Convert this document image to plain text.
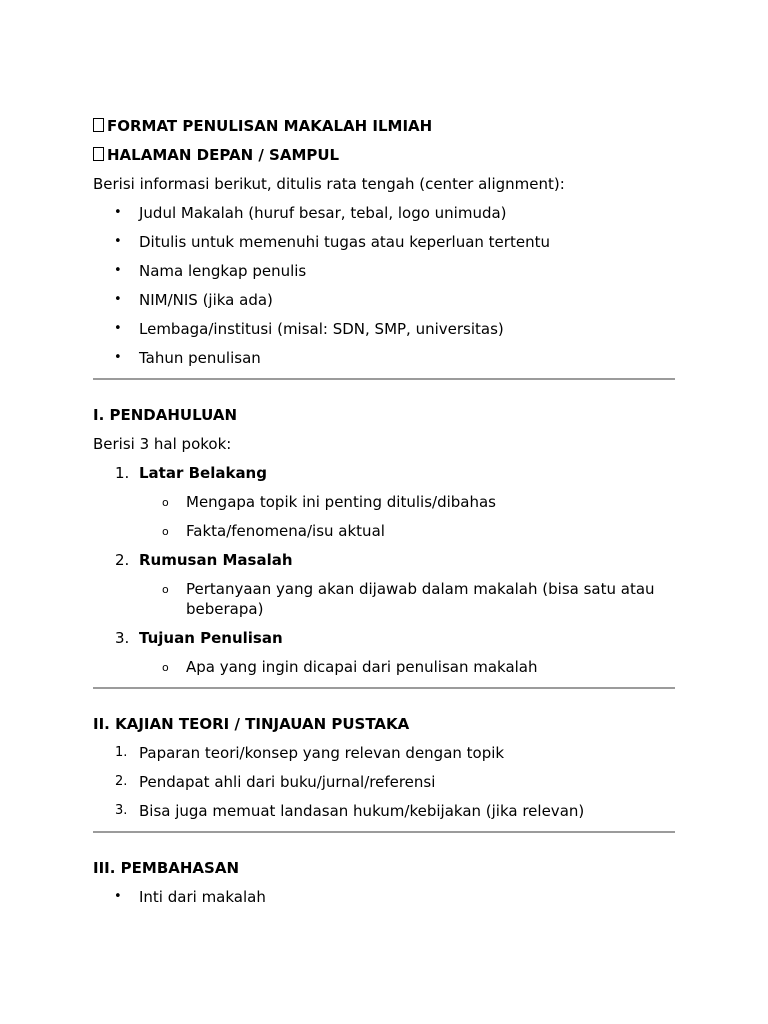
FORMAT PENULISAN MAKALAH ILMIAH

HALAMAN DEPAN / SAMPUL

Berisi informasi berikut, ditulis rata tengah (center alignment):

• Judul Makalah (huruf besar, tebal, logo unimuda)
• Ditulis untuk memenuhi tugas atau keperluan tertentu
• Nama lengkap penulis
• NIM/NIS (jika ada)
• Lembaga/institusi (misal: SDN, SMP, universitas)
• Tahun penulisan

I. PENDAHULUAN

Berisi 3 hal pokok:

1. Latar Belakang
o Mengapa topik ini penting ditulis/dibahas
o Fakta/fenomena/isu aktual
2. Rumusan Masalah
o Pertanyaan yang akan dijawab dalam makalah (bisa satu atau beberapa)
3. Tujuan Penulisan
o Apa yang ingin dicapai dari penulisan makalah

II. KAJIAN TEORI / TINJAUAN PUSTAKA

1. Paparan teori/konsep yang relevan dengan topik
2. Pendapat ahli dari buku/jurnal/referensi
3. Bisa juga memuat landasan hukum/kebijakan (jika relevan)

III. PEMBAHASAN

• Inti dari makalah
